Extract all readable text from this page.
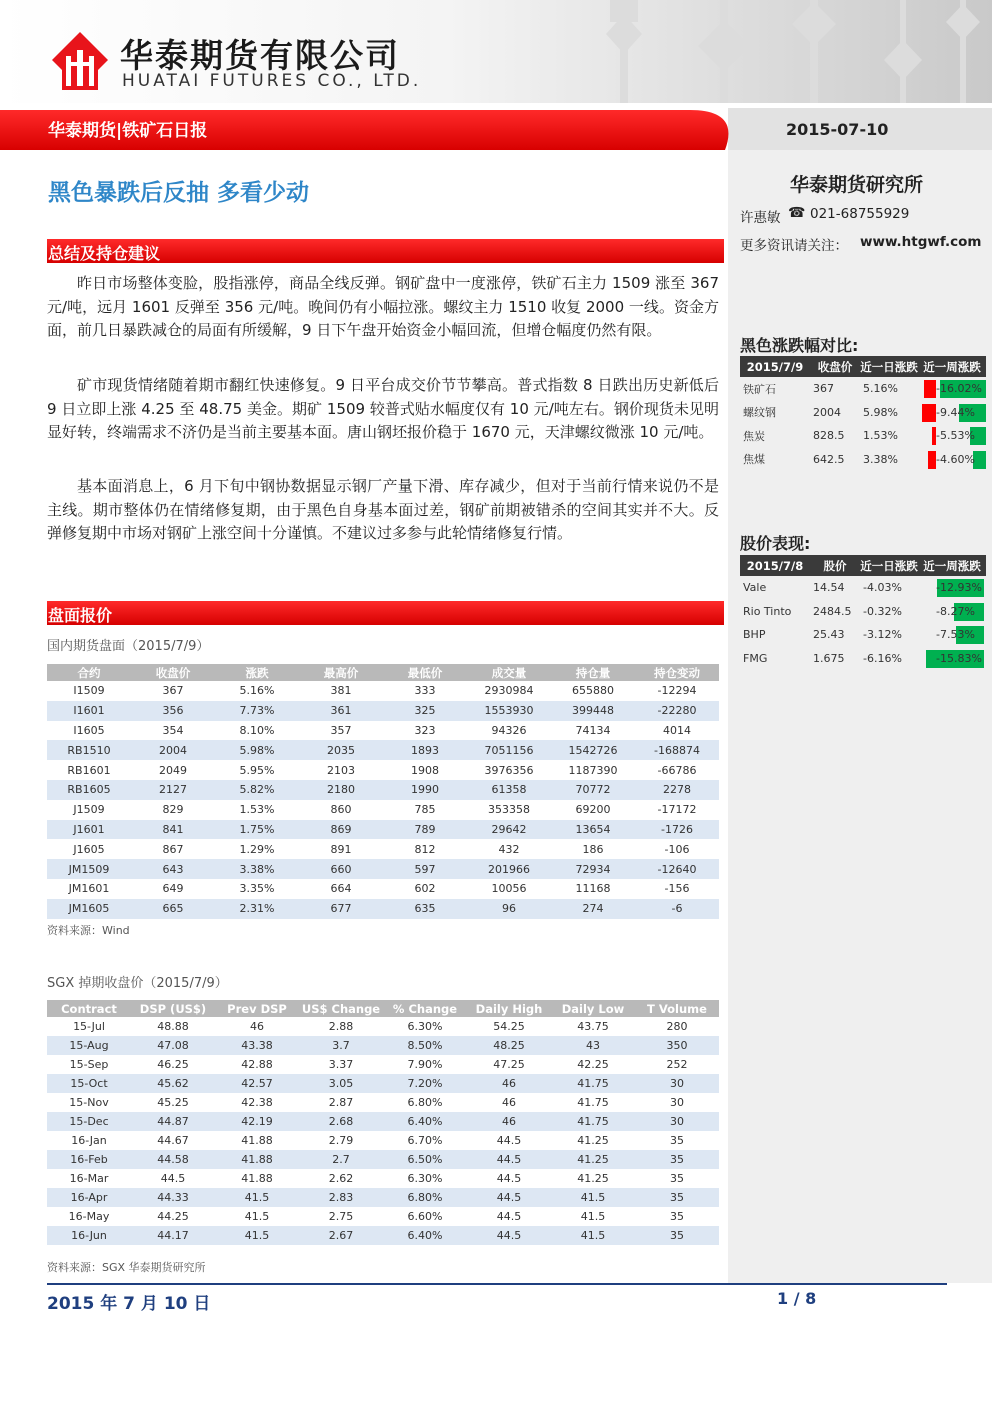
华泰期货有限公司
HUATAI FUTURES CO., LTD.
华泰期货|铁矿石日报	2015-07-10
华泰期货研究所
许惠敏 ☎ 021-68755929
更多资讯请关注： www.htgwf.com
黑色涨跌幅对比:
2015/7/9	收盘价	近一日涨跌	近一周涨跌
铁矿石	367	5.16%	-16.02%

螺纹钢	2004	5.98%	-9.44%

焦炭	828.5	1.53%	-5.53%

焦煤	642.5	3.38%	-4.60%
股价表现:
2015/7/8	股价	近一日涨跌	近一周涨跌
Vale	14.54	-4.03%	-12.93%

Rio Tinto	2484.5	-0.32%	-8.27%

BHP	25.43	-3.12%	-7.53%

FMG	1.675	-6.16%	-15.83%
黑色暴跌后反抽 多看少动
总结及持仓建议

昨日市场整体变脸，股指涨停，商品全线反弹。钢矿盘中一度涨停，铁矿石主力 1509 涨至 367 元/吨，远月 1601 反弹至 356 元/吨。晚间仍有小幅拉涨。螺纹主力 1510 收复 2000 一线。资金方面，前几日暴跌减仓的局面有所缓解，9 日下午盘开始资金小幅回流，但增仓幅度仍然有限。

矿市现货情绪随着期市翻红快速修复。9 日平台成交价节节攀高。普式指数 8 日跌出历史新低后 9 日立即上涨 4.25 至 48.75 美金。期矿 1509 较普式贴水幅度仅有 10 元/吨左右。钢价现货未见明显好转，终端需求不济仍是当前主要基本面。唐山钢坯报价稳于 1670 元，天津螺纹微涨 10 元/吨。

基本面消息上，6 月下旬中钢协数据显示钢厂产量下滑、库存减少，但对于当前行情来说仍不是主线。期市整体仍在情绪修复期，由于黑色自身基本面过差，钢矿前期被错杀的空间其实并不大。反弹修复期中市场对钢矿上涨空间十分谨慎。不建议过多参与此轮情绪修复行情。

盘面报价
国内期货盘面（2015/7/9）
合约	收盘价	涨跌	最高价	最低价	成交量	持仓量	持仓变动
I1509	367	5.16%	381	333	2930984	655880	-12294
I1601	356	7.73%	361	325	1553930	399448	-22280
I1605	354	8.10%	357	323	94326	74134	4014
RB1510	2004	5.98%	2035	1893	7051156	1542726	-168874
RB1601	2049	5.95%	2103	1908	3976356	1187390	-66786
RB1605	2127	5.82%	2180	1990	61358	70772	2278
J1509	829	1.53%	860	785	353358	69200	-17172
J1601	841	1.75%	869	789	29642	13654	-1726
J1605	867	1.29%	891	812	432	186	-106
JM1509	643	3.38%	660	597	201966	72934	-12640
JM1601	649	3.35%	664	602	10056	11168	-156
JM1605	665	2.31%	677	635	96	274	-6
资料来源：Wind
SGX 掉期收盘价（2015/7/9）
Contract	DSP (US$)	Prev DSP	US$ Change	% Change	Daily High	Daily Low	T Volume
15-Jul	48.88	46	2.88	6.30%	54.25	43.75	280
15-Aug	47.08	43.38	3.7	8.50%	48.25	43	350
15-Sep	46.25	42.88	3.37	7.90%	47.25	42.25	252
15-Oct	45.62	42.57	3.05	7.20%	46	41.75	30
15-Nov	45.25	42.38	2.87	6.80%	46	41.75	30
15-Dec	44.87	42.19	2.68	6.40%	46	41.75	30
16-Jan	44.67	41.88	2.79	6.70%	44.5	41.25	35
16-Feb	44.58	41.88	2.7	6.50%	44.5	41.25	35
16-Mar	44.5	41.88	2.62	6.30%	44.5	41.25	35
16-Apr	44.33	41.5	2.83	6.80%	44.5	41.5	35
16-May	44.25	41.5	2.75	6.60%	44.5	41.5	35
16-Jun	44.17	41.5	2.67	6.40%	44.5	41.5	35
资料来源：SGX 华泰期货研究所
2015 年 7 月 10 日	1 / 8
